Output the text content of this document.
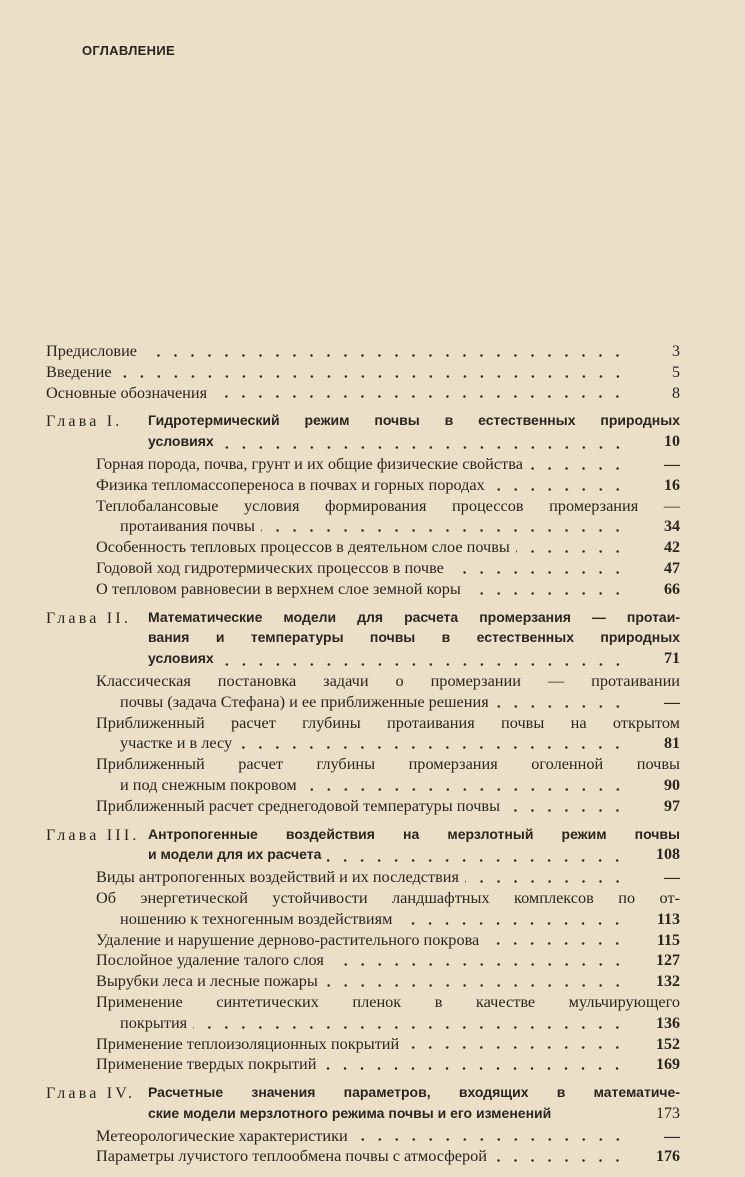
ОГЛАВЛЕНИЕ
Предисловие	3
Введение	5
Основные обозначения	8
Глава I.	Гидротермический режим почвы в естественных природных
условиях	10
Горная порода, почва, грунт и их общие физические свойства	—
Физика тепломассопереноса в почвах и горных породах	16
Теплобалансовые условия формирования процессов промерзания —
протаивания почвы	34
Особенность тепловых процессов в деятельном слое почвы	42
Годовой ход гидротермических процессов в почве	47
О тепловом равновесии в верхнем слое земной коры	66
Глава II.	Математические модели для расчета промерзания — протаи-
вания и температуры почвы в естественных природных
условиях	71
Классическая постановка задачи о промерзании — протаивании
почвы (задача Стефана) и ее приближенные решения	—
Приближенный расчет глубины протаивания почвы на открытом
участке и в лесу	81
Приближенный расчет глубины промерзания оголенной почвы
и под снежным покровом	90
Приближенный расчет среднегодовой температуры почвы	97
Глава III. Антропогенные воздействия на мерзлотный режим почвы
и модели для их расчета	108
Виды антропогенных воздействий и их последствия	—
Об энергетической устойчивости ландшафтных комплексов по от-
ношению к техногенным воздействиям	113
Удаление и нарушение дерново-растительного покрова	115
Послойное удаление талого слоя	127
Вырубки леса и лесные пожары	132
Применение синтетических пленок в качестве мульчирующего
покрытия	136
Применение теплоизоляционных покрытий	152
Применение твердых покрытий	169
Глава IV. Расчетные значения параметров, входящих в математиче-
ские модели мерзлотного режима почвы и его изменений	173
Метеорологические характеристики	—
Параметры лучистого теплообмена почвы с атмосферой	176
